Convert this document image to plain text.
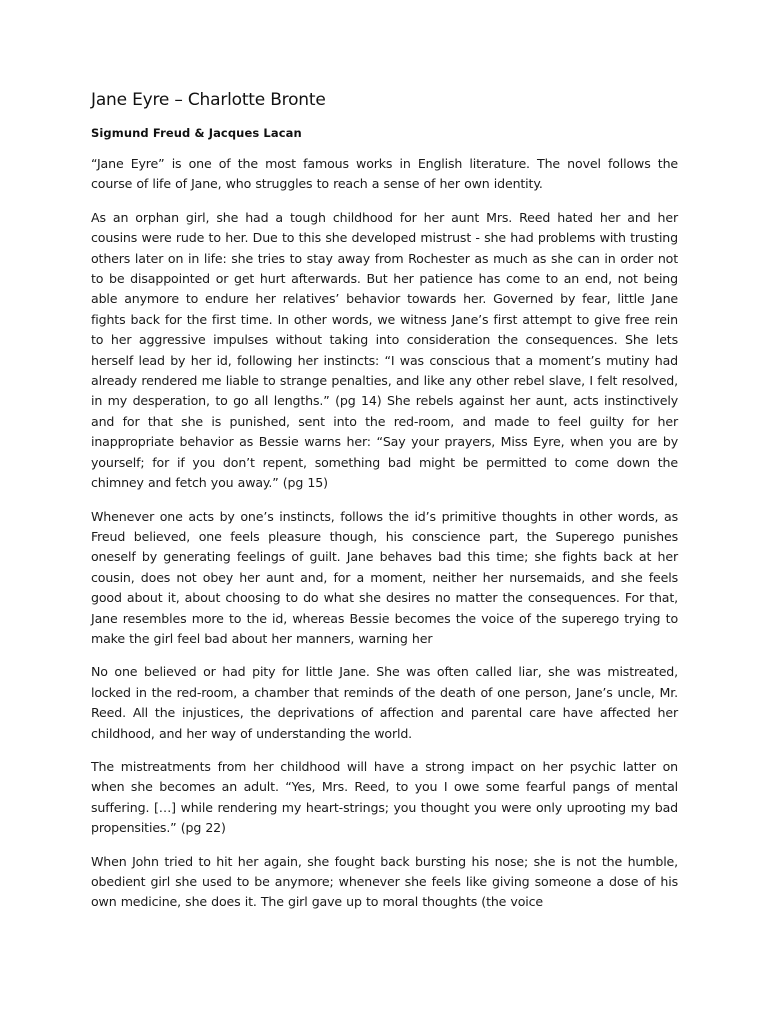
Jane Eyre – Charlotte Bronte
Sigmund Freud & Jacques Lacan

“Jane Eyre” is one of the most famous works in English literature. The novel follows the course of life of Jane, who struggles to reach a sense of her own identity.

As an orphan girl, she had a tough childhood for her aunt Mrs. Reed hated her and her cousins were rude to her. Due to this she developed mistrust - she had problems with trusting others later on in life: she tries to stay away from Rochester as much as she can in order not to be disappointed or get hurt afterwards. But her patience has come to an end, not being able anymore to endure her relatives’ behavior towards her. Governed by fear, little Jane fights back for the first time. In other words, we witness Jane’s first attempt to give free rein to her aggressive impulses without taking into consideration the consequences. She lets herself lead by her id, following her instincts: “I was conscious that a moment’s mutiny had already rendered me liable to strange penalties, and like any other rebel slave, I felt resolved, in my desperation, to go all lengths.” (pg 14) She rebels against her aunt, acts instinctively and for that she is punished, sent into the red-room, and made to feel guilty for her inappropriate behavior as Bessie warns her: “Say your prayers, Miss Eyre, when you are by yourself; for if you don’t repent, something bad might be permitted to come down the chimney and fetch you away.” (pg 15)

Whenever one acts by one’s instincts, follows the id’s primitive thoughts in other words, as Freud believed, one feels pleasure though, his conscience part, the Superego punishes oneself by generating feelings of guilt. Jane behaves bad this time; she fights back at her cousin, does not obey her aunt and, for a moment, neither her nursemaids, and she feels good about it, about choosing to do what she desires no matter the consequences. For that, Jane resembles more to the id, whereas Bessie becomes the voice of the superego trying to make the girl feel bad about her manners, warning her

No one believed or had pity for little Jane. She was often called liar, she was mistreated, locked in the red-room, a chamber that reminds of the death of one person, Jane’s uncle, Mr. Reed. All the injustices, the deprivations of affection and parental care have affected her childhood, and her way of understanding the world.

The mistreatments from her childhood will have a strong impact on her psychic latter on when she becomes an adult. “Yes, Mrs. Reed, to you I owe some fearful pangs of mental suffering. […] while rendering my heart-strings; you thought you were only uprooting my bad propensities.” (pg 22)

When John tried to hit her again, she fought back bursting his nose; she is not the humble, obedient girl she used to be anymore; whenever she feels like giving someone a dose of his own medicine, she does it. The girl gave up to moral thoughts (the voice
